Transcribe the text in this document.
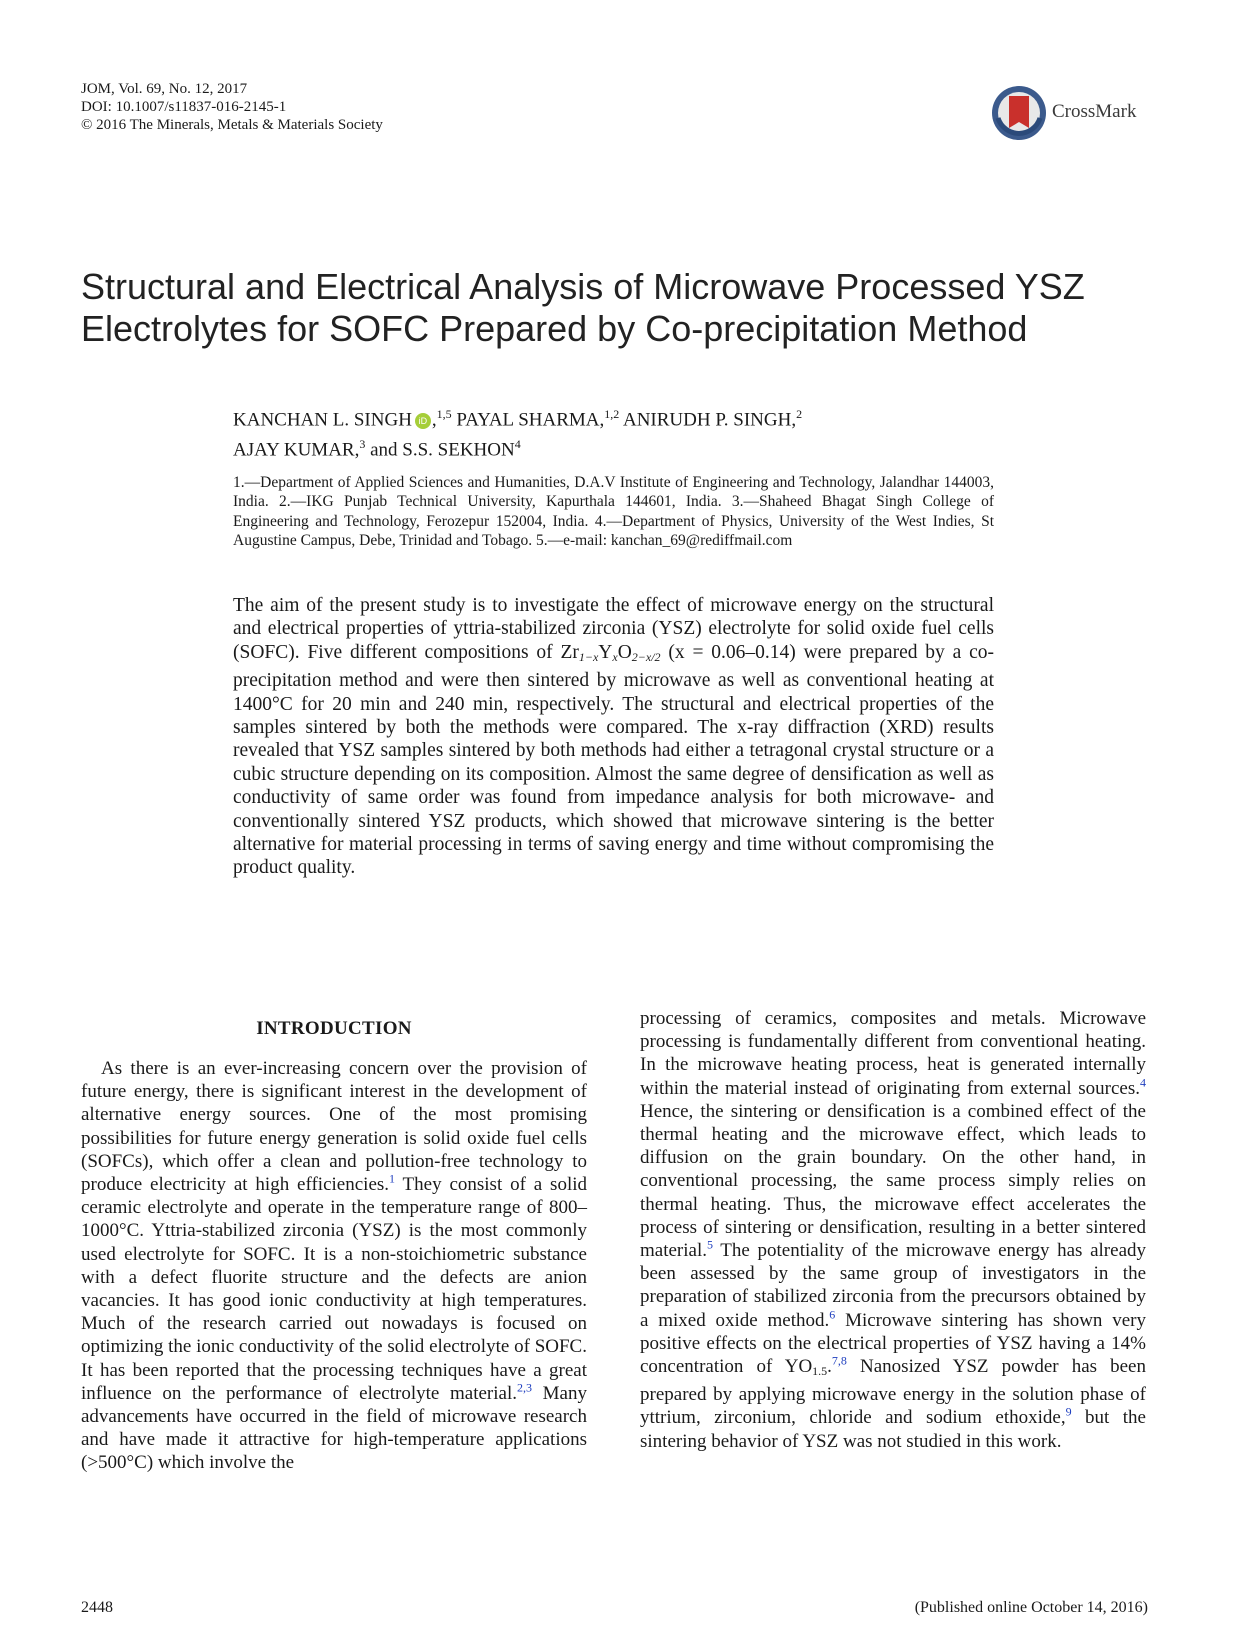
JOM, Vol. 69, No. 12, 2017
DOI: 10.1007/s11837-016-2145-1
© 2016 The Minerals, Metals & Materials Society
CrossMark
Structural and Electrical Analysis of Microwave Processed YSZ
Electrolytes for SOFC Prepared by Co-precipitation Method
KANCHAN L. SINGH iD ,$^{1,5}$ PAYAL SHARMA,$^{1,2}$ ANIRUDH P. SINGH,$^2$
AJAY KUMAR,$^3$ and S.S. SEKHON$^4$
1.—Department of Applied Sciences and Humanities, D.A.V Institute of Engineering and Technology, Jalandhar 144003, India. 2.—IKG Punjab Technical University, Kapurthala 144601, India. 3.—Shaheed Bhagat Singh College of Engineering and Technology, Ferozepur 152004, India. 4.—Department of Physics, University of the West Indies, St Augustine Campus, Debe, Trinidad and Tobago. 5.—e-mail: kanchan_69@rediffmail.com
The aim of the present study is to investigate the effect of microwave energy on the structural and electrical properties of yttria-stabilized zirconia (YSZ) electrolyte for solid oxide fuel cells (SOFC). Five different compositions of $Zr_{1-x}Y_xO_{2-x/2}$ (x = 0.06–0.14) were prepared by a co-precipitation method and were then sintered by microwave as well as conventional heating at 1400°C for 20 min and 240 min, respectively. The structural and electrical properties of the samples sintered by both the methods were compared. The x-ray diffraction (XRD) results revealed that YSZ samples sintered by both methods had either a tetragonal crystal structure or a cubic structure depending on its composition. Almost the same degree of densification as well as conductivity of same order was found from impedance analysis for both microwave- and conventionally sintered YSZ products, which showed that microwave sintering is the better alternative for material processing in terms of saving energy and time without compromising the product quality.
INTRODUCTION

As there is an ever-increasing concern over the provision of future energy, there is significant interest in the development of alternative energy sources. One of the most promising possibilities for future energy generation is solid oxide fuel cells (SOFCs), which offer a clean and pollution-free technology to produce electricity at high efficiencies.$^1$ They consist of a solid ceramic electrolyte and operate in the temperature range of 800–1000°C. Yttria-stabilized zirconia (YSZ) is the most commonly used electrolyte for SOFC. It is a non-stoichiometric substance with a defect fluorite structure and the defects are anion vacancies. It has good ionic conductivity at high temperatures. Much of the research carried out nowadays is focused on optimizing the ionic conductivity of the solid electrolyte of SOFC. It has been reported that the processing techniques have a great influence on the performance of electrolyte material.$^{2,3}$ Many advancements have occurred in the field of microwave research and have made it attractive for high-temperature applications (>500°C) which involve the

processing of ceramics, composites and metals. Microwave processing is fundamentally different from conventional heating. In the microwave heating process, heat is generated internally within the material instead of originating from external sources.$^4$ Hence, the sintering or densification is a combined effect of the thermal heating and the microwave effect, which leads to diffusion on the grain boundary. On the other hand, in conventional processing, the same process simply relies on thermal heating. Thus, the microwave effect accelerates the process of sintering or densification, resulting in a better sintered material.$^5$ The potentiality of the microwave energy has already been assessed by the same group of investigators in the preparation of stabilized zirconia from the precursors obtained by a mixed oxide method.$^6$ Microwave sintering has shown very positive effects on the electrical properties of YSZ having a 14% concentration of $YO_{1.5}.^{7,8}$ Nanosized YSZ powder has been prepared by applying microwave energy in the solution phase of yttrium, zirconium, chloride and sodium ethoxide,$^9$ but the sintering behavior of YSZ was not studied in this work.

2448	(Published online October 14, 2016)
